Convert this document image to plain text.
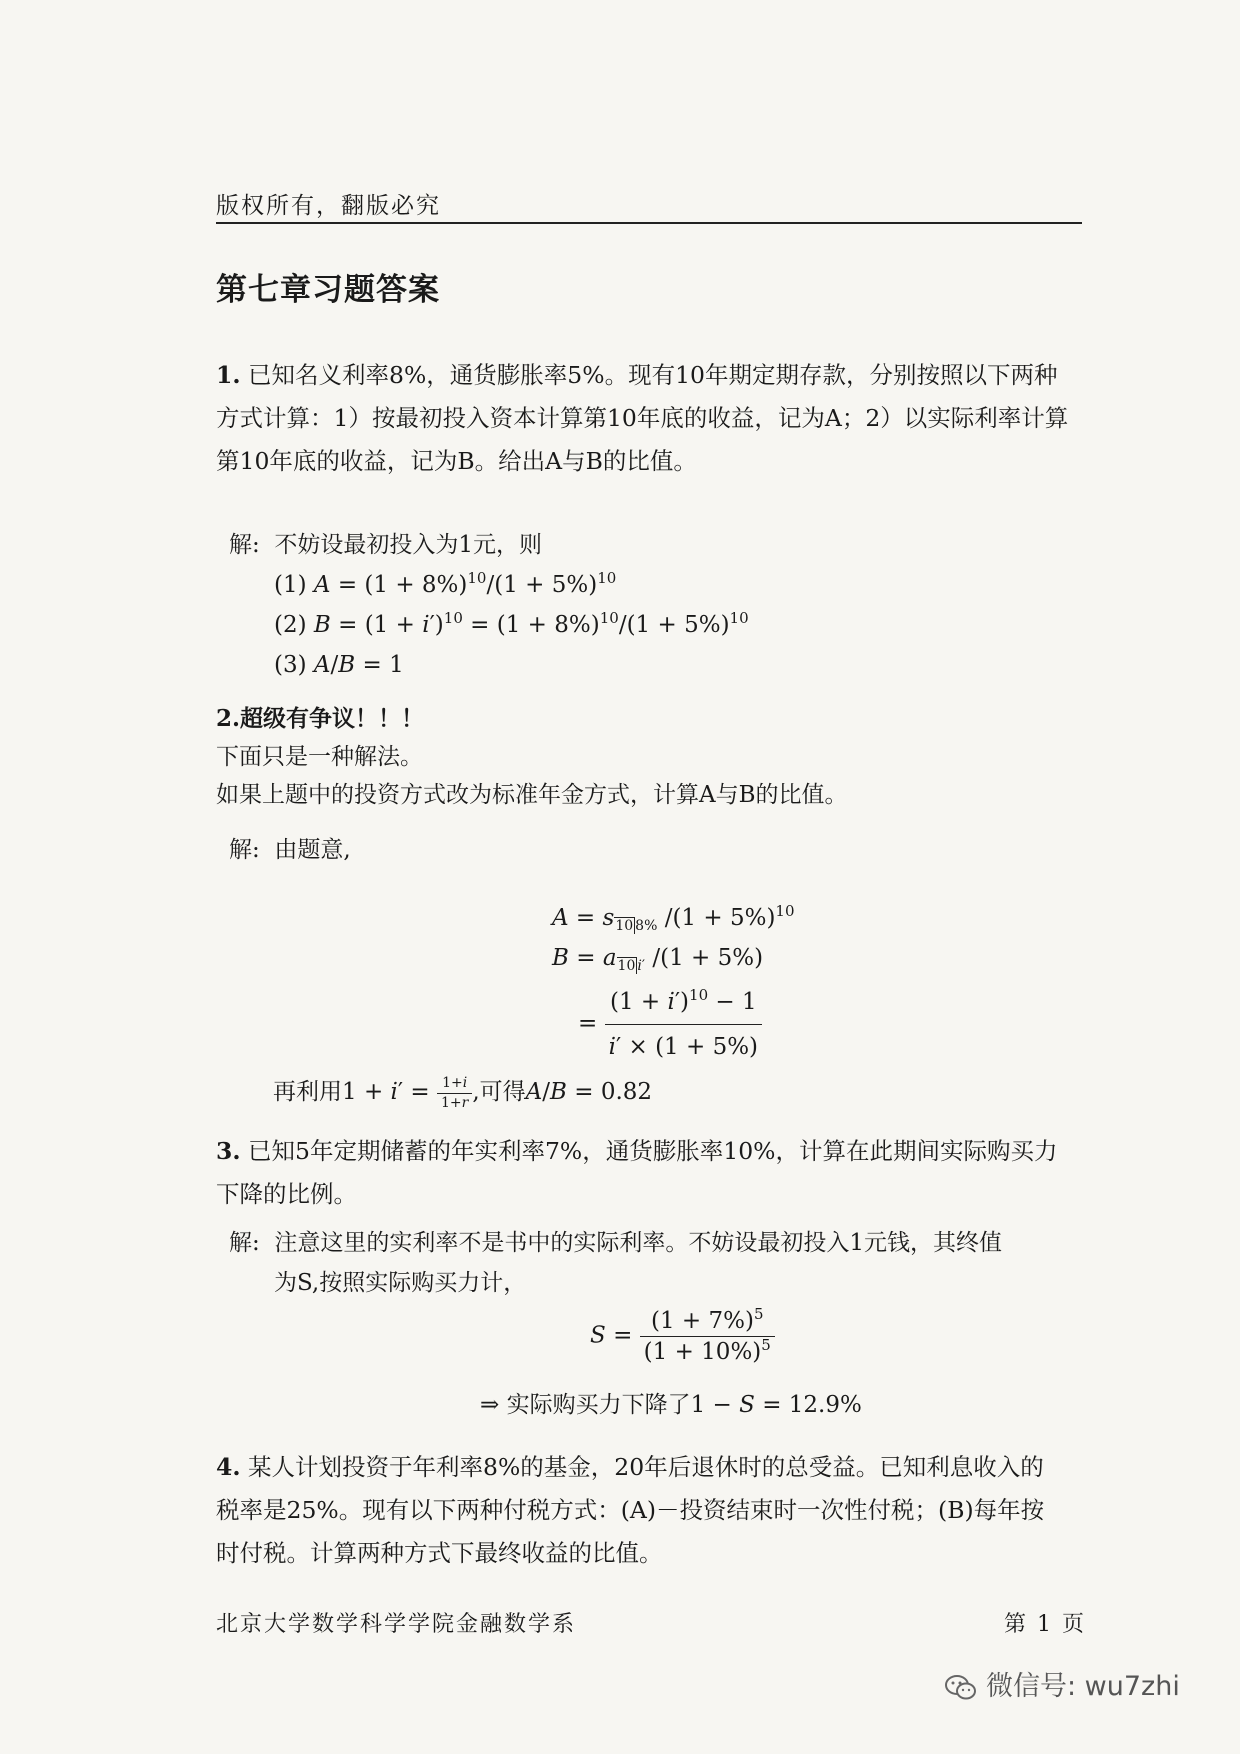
版权所有，翻版必究
第七章习题答案
1. 已知名义利率8%，通货膨胀率5%。现有10年期定期存款，分别按照以下两种
方式计算：1）按最初投入资本计算第10年底的收益，记为A；2）以实际利率计算
第10年底的收益，记为B。给出A与B的比值。
解: 不妨设最初投入为1元，则
(1) $A = (1 + 8\%)^{10}/(1 + 5\%)^{10}$
(2) $B = (1 + i')^{10} = (1 + 8\%)^{10}/(1 + 5\%)^{10}$
(3) A/B = 1
2.超级有争议！！！
下面只是一种解法。
如果上题中的投资方式改为标准年金方式，计算A与B的比值。
解: 由题意,
$A = s_{10 8\%}$ $/(1 + 5\%)^{10}$
$B = a_{10 i'}$ /(1 + 5%)
= $\frac{(1 + i')^{10} - 1}{i' \times (1 + 5\%)}$
再利用$1 + i' = \frac{1+i}{1+r}$ ,可得A/B = 0.82
3. 已知5年定期储蓄的年实利率7%，通货膨胀率10%，计算在此期间实际购买力
下降的比例。
解: 注意这里的实利率不是书中的实际利率。不妨设最初投入1元钱，其终值
为S,按照实际购买力计，
$S = \frac{(1 + 7\%)^5}{(1 + 10\%)^5}$
⇒ 实际购买力下降了1 − S = 12.9%
4. 某人计划投资于年利率8%的基金，20年后退休时的总受益。已知利息收入的
税率是25%。现有以下两种付税方式：(A)－投资结束时一次性付税；(B)每年按
时付税。计算两种方式下最终收益的比值。
北京大学数学科学学院金融数学系	第 1 页
微信号: wu7zhi
